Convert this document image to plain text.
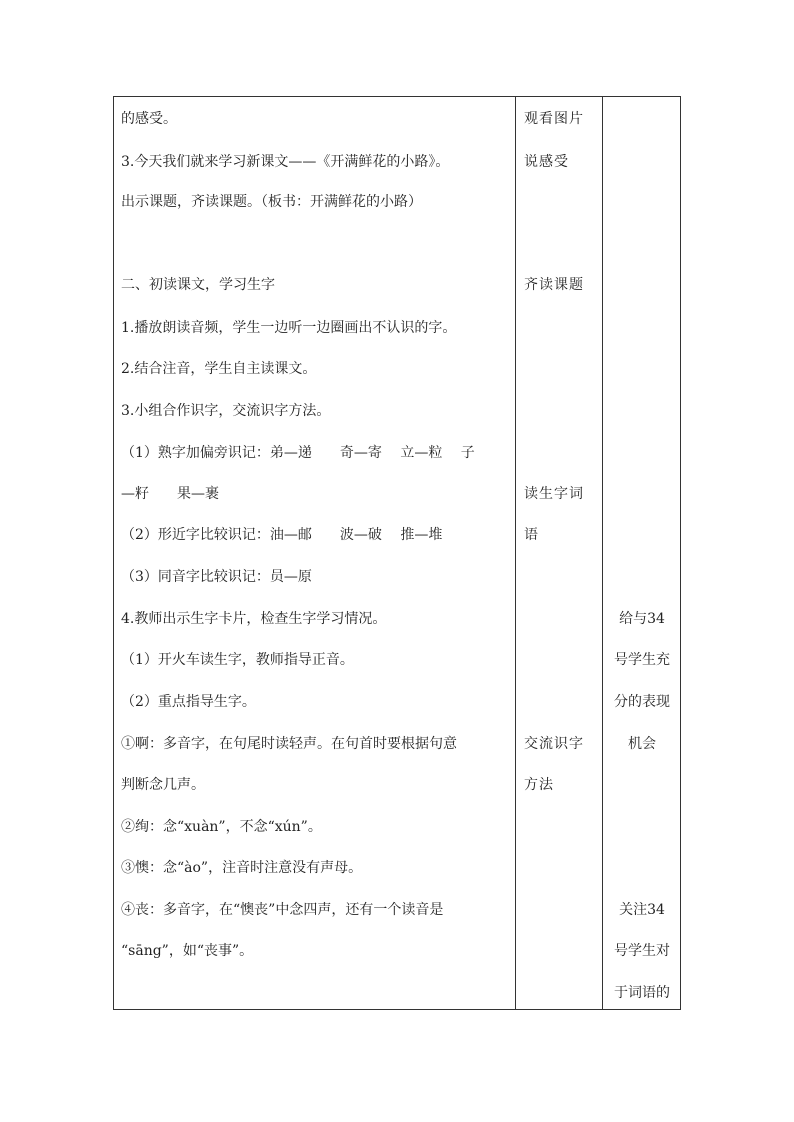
的感受。
3.今天我们就来学习新课文——《开满鲜花的小路》。
出示课题，齐读课题。（板书：开满鲜花的小路）
二、初读课文，学习生字
1.播放朗读音频，学生一边听一边圈画出不认识的字。
2.结合注音，学生自主读课文。
3.小组合作识字，交流识字方法。
（1）熟字加偏旁识记：弟—递　　奇—寄　 立—粒　 子
—籽　　果—裹
（2）形近字比较识记：油—邮　　波—破　 推—堆
（3）同音字比较识记：员—原
4.教师出示生字卡片，检查生字学习情况。
（1）开火车读生字，教师指导正音。
（2）重点指导生字。
①啊：多音字，在句尾时读轻声。在句首时要根据句意
判断念几声。
②绚：念“xuàn”，不念“xún”。
③懊：念“ào”，注音时注意没有声母。
④丧：多音字，在“懊丧”中念四声，还有一个读音是
“sāng”，如“丧事”。
观看图片
说感受
齐读课题
读生字词
语
交流识字
方法
给与34
号学生充
分的表现
机会
关注34
号学生对
于词语的
